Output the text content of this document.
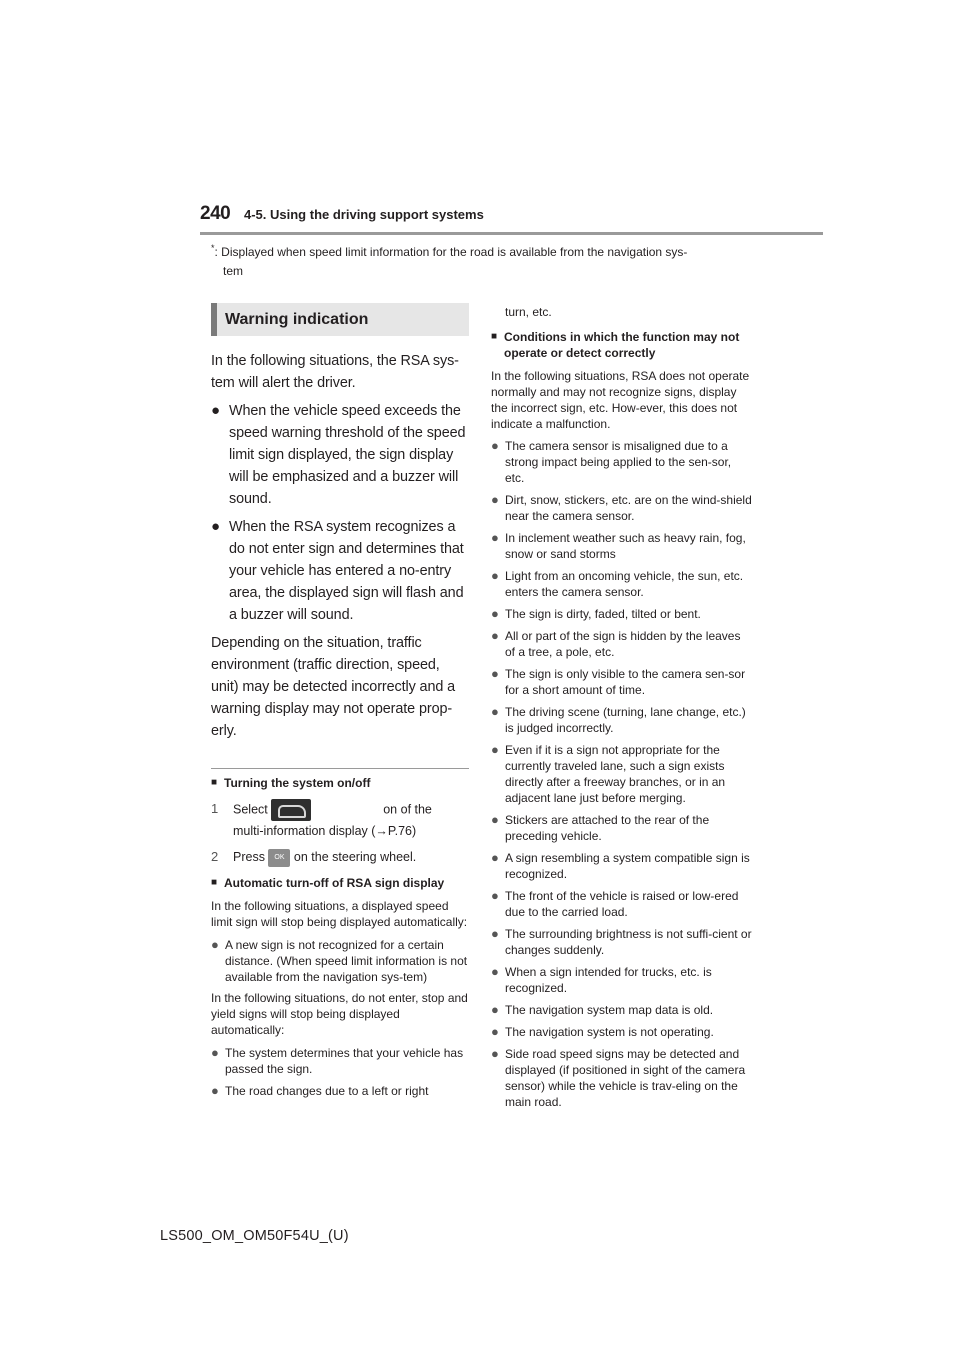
240	4-5. Using the driving support systems
*: Displayed when speed limit information for the road is available from the navigation sys-
tem
Warning indication

In the following situations, the RSA sys-tem will alert the driver.

● When the vehicle speed exceeds the speed warning threshold of the speed limit sign displayed, the sign display will be emphasized and a buzzer will sound.
● When the RSA system recognizes a do not enter sign and determines that your vehicle has entered a no-entry area, the displayed sign will flash and a buzzer will sound.

Depending on the situation, traffic environment (traffic direction, speed, unit) may be detected incorrectly and a warning display may not operate prop-erly.

■ Turning the system on/off
1	Select	on of the
multi-information display (→P.76)
2	Press OK on the steering wheel.
■ Automatic turn-off of RSA sign display

In the following situations, a displayed speed limit sign will stop being displayed automatically:

● A new sign is not recognized for a certain distance. (When speed limit information is not available from the navigation sys-tem)

In the following situations, do not enter, stop and yield signs will stop being displayed automatically:

● The system determines that your vehicle has passed the sign.
● The road changes due to a left or right

turn, etc.

■ Conditions in which the function may not operate or detect correctly

In the following situations, RSA does not operate normally and may not recognize signs, display the incorrect sign, etc. How-ever, this does not indicate a malfunction.

● The camera sensor is misaligned due to a strong impact being applied to the sen-sor, etc.
● Dirt, snow, stickers, etc. are on the wind-shield near the camera sensor.
● In inclement weather such as heavy rain, fog, snow or sand storms
● Light from an oncoming vehicle, the sun, etc. enters the camera sensor.
● The sign is dirty, faded, tilted or bent.
● All or part of the sign is hidden by the leaves of a tree, a pole, etc.
● The sign is only visible to the camera sen-sor for a short amount of time.
● The driving scene (turning, lane change, etc.) is judged incorrectly.
● Even if it is a sign not appropriate for the currently traveled lane, such a sign exists directly after a freeway branches, or in an adjacent lane just before merging.
● Stickers are attached to the rear of the preceding vehicle.
● A sign resembling a system compatible sign is recognized.
● The front of the vehicle is raised or low-ered due to the carried load.
● The surrounding brightness is not suffi-cient or changes suddenly.
● When a sign intended for trucks, etc. is recognized.
● The navigation system map data is old.
● The navigation system is not operating.
● Side road speed signs may be detected and displayed (if positioned in sight of the camera sensor) while the vehicle is trav-eling on the main road.
LS500_OM_OM50F54U_(U)
